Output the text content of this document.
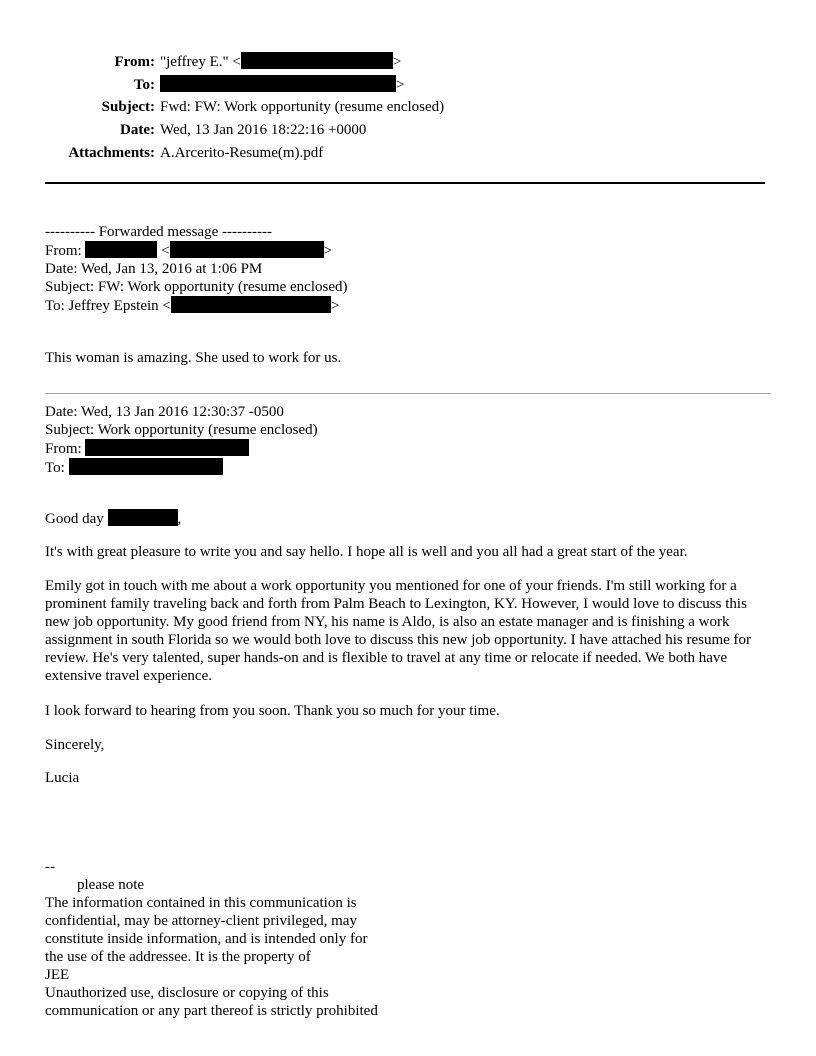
From: "jeffrey E." <	>
To:	>
Subject: Fwd: FW: Work opportunity (resume enclosed)
Date: Wed, 13 Jan 2016 18:22:16 +0000
Attachments: A.Arcerito-Resume(m).pdf
---------- Forwarded message ----------
From:	<	>
Date: Wed, Jan 13, 2016 at 1:06 PM
Subject: FW: Work opportunity (resume enclosed)
To: Jeffrey Epstein <	>
This woman is amazing. She used to work for us.
Date: Wed, 13 Jan 2016 12:30:37 -0500
Subject: Work opportunity (resume enclosed)
From:
To:
Good day	,
It's with great pleasure to write you and say hello. I hope all is well and you all had a great start of the year.
Emily got in touch with me about a work opportunity you mentioned for one of your friends. I'm still working for a prominent family traveling back and forth from Palm Beach to Lexington, KY. However, I would love to discuss this new job opportunity. My good friend from NY, his name is Aldo, is also an estate manager and is finishing a work assignment in south Florida so we would both love to discuss this new job opportunity. I have attached his resume for review. He's very talented, super hands-on and is flexible to travel at any time or relocate if needed. We both have extensive travel experience.
I look forward to hearing from you soon. Thank you so much for your time.
Sincerely,
Lucia
--
please note
The information contained in this communication is
confidential, may be attorney-client privileged, may
constitute inside information, and is intended only for
the use of the addressee. It is the property of
JEE
Unauthorized use, disclosure or copying of this
communication or any part thereof is strictly prohibited
